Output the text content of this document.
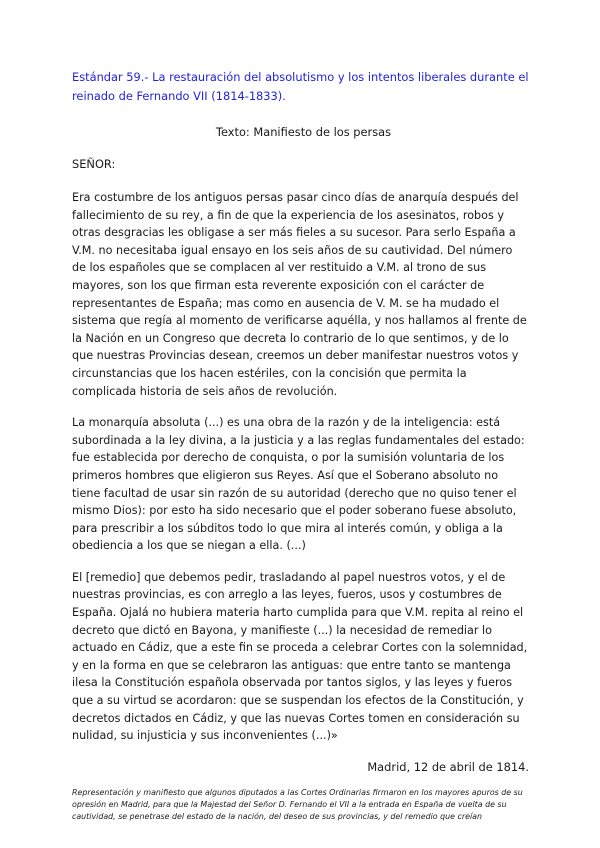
Estándar 59.- La restauración del absolutismo y los intentos liberales durante el reinado de Fernando VII (1814-1833).

Texto: Manifiesto de los persas

SEÑOR:

Era costumbre de los antiguos persas pasar cinco días de anarquía después del fallecimiento de su rey, a fin de que la experiencia de los asesinatos, robos y otras desgracias les obligase a ser más fieles a su sucesor. Para serlo España a V.M. no necesitaba igual ensayo en los seis años de su cautividad. Del número de los españoles que se complacen al ver restituido a V.M. al trono de sus mayores, son los que firman esta reverente exposición con el carácter de representantes de España; mas como en ausencia de V. M. se ha mudado el sistema que regía al momento de verificarse aquélla, y nos hallamos al frente de la Nación en un Congreso que decreta lo contrario de lo que sentimos, y de lo que nuestras Provincias desean, creemos un deber manifestar nuestros votos y circunstancias que los hacen estériles, con la concisión que permita la complicada historia de seis años de revolución.

La monarquía absoluta (...) es una obra de la razón y de la inteligencia: está subordinada a la ley divina, a la justicia y a las reglas fundamentales del estado: fue establecida por derecho de conquista, o por la sumisión voluntaria de los primeros hombres que eligieron sus Reyes. Así que el Soberano absoluto no tiene facultad de usar sin razón de su autoridad (derecho que no quiso tener el mismo Dios): por esto ha sido necesario que el poder soberano fuese absoluto, para prescribir a los súbditos todo lo que mira al interés común, y obliga a la obediencia a los que se niegan a ella. (...)

El [remedio] que debemos pedir, trasladando al papel nuestros votos, y el de nuestras provincias, es con arreglo a las leyes, fueros, usos y costumbres de España. Ojalá no hubiera materia harto cumplida para que V.M. repita al reino el decreto que dictó en Bayona, y manifieste (...) la necesidad de remediar lo actuado en Cádiz, que a este fin se proceda a celebrar Cortes con la solemnidad, y en la forma en que se celebraron las antiguas: que entre tanto se mantenga ilesa la Constitución española observada por tantos siglos, y las leyes y fueros que a su virtud se acordaron: que se suspendan los efectos de la Constitución, y decretos dictados en Cádiz, y que las nuevas Cortes tomen en consideración su nulidad, su injusticia y sus inconvenientes (...)»

Madrid, 12 de abril de 1814.

Representación y manifiesto que algunos diputados a las Cortes Ordinarias firmaron en los mayores apuros de su opresión en Madrid, para que la Majestad del Señor D. Fernando el VII a la entrada en España de vuelta de su cautividad, se penetrase del estado de la nación, del deseo de sus provincias, y del remedio que creían
